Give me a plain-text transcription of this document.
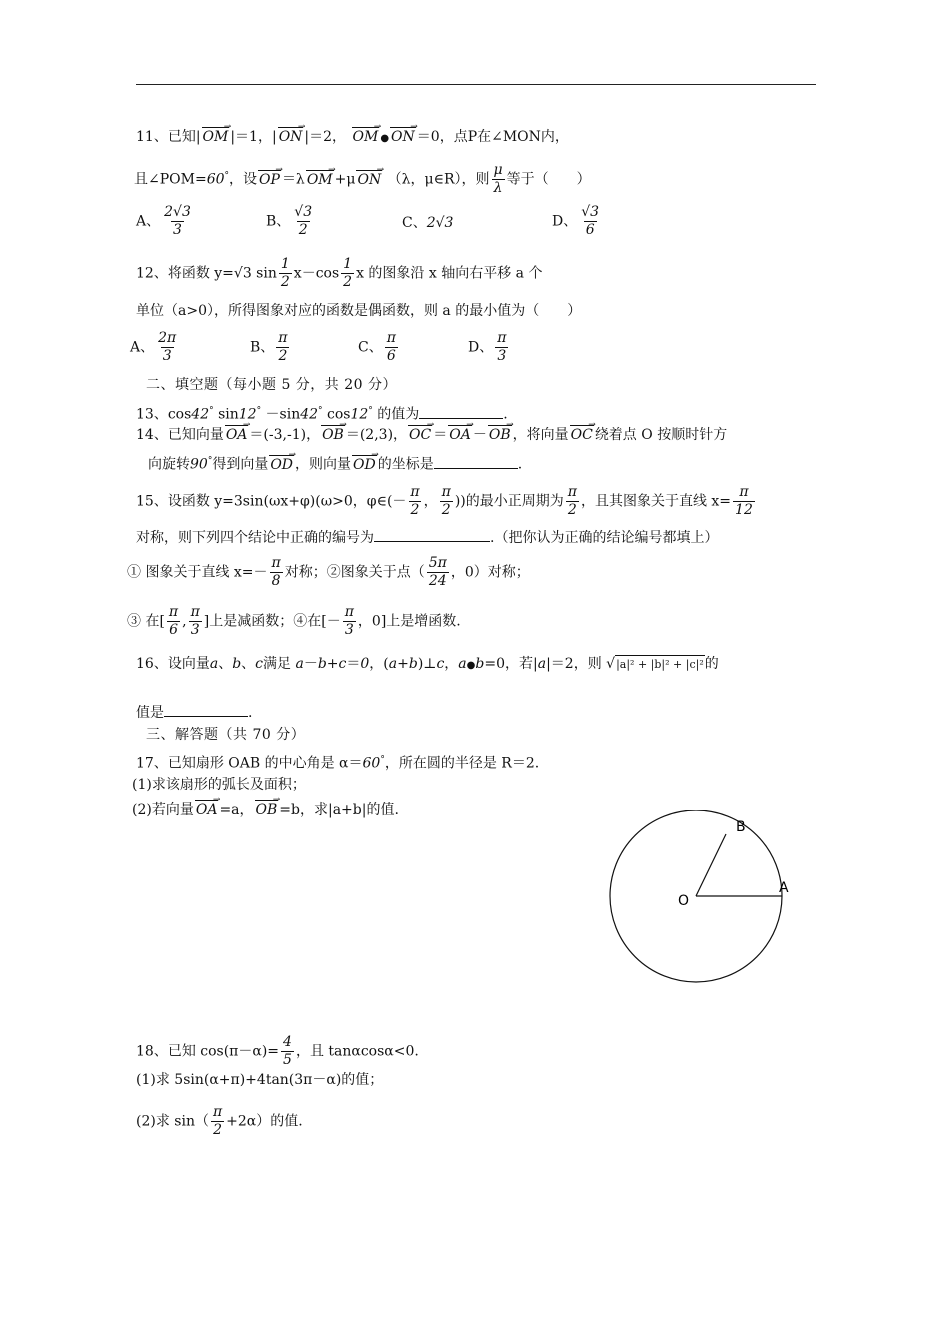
11、已知| OM → |＝1，| ON → |＝2， OM → ● ON → ＝0，点P在∠MON内，
且∠POM=60°，设 OP → ＝λ OM → +μ ON → （λ，μ∈R），则 $\frac{\mu}{\lambda}$ 等于（　　）
A、 $\frac{2√3}{3}$	B、 $\frac{√3}{2}$	C、2√3	D、 $\frac{√3}{6}$
12、将函数 y=√3 $\sin \frac{1}{2} x-\cos \frac{1}{2}$ x 的图象沿 x 轴向右平移 a 个
单位（a>0），所得图象对应的函数是偶函数，则 a 的最小值为（　　）
A、 $\frac{2\pi}{3}$	B、 $\frac{\pi}{2}$	C、 $\frac{\pi}{6}$	D、 $\frac{\pi}{3}$
二、填空题（每小题 5 分，共 20 分）
13、cos42° sin12° －sin42° cos12° 的值为	.
14、已知向量 OA → ＝(-3,-1)， OB → ＝(2,3)， OC → ＝ OA → － OB → ，将向量 OC → 绕着点 O 按顺时针方
向旋转90°得到向量 OD → ，则向量 OD → 的坐标是	.
15、设函数 y=3sin(ωx+φ)(ω>0，φ∈(－ $\frac{\pi}{2}$ ， $\frac{\pi}{2}$ ))的最小正周期为 $\frac{\pi}{2}$ ，且其图象关于直线 $x= \frac{\pi}{12}$
对称，则下列四个结论中正确的编号为	.（把你认为正确的结论编号都填上）
① 图象关于直线 $x=- \frac{\pi}{8}$ 对称；②图象关于点（ $\frac{5\pi}{24}$ ，0）对称；
③ 在[ $\frac{\pi}{6}$ , $\frac{\pi}{3}$ ]上是减函数；④在[－ $\frac{\pi}{3}$ ，0]上是增函数.
16、设向量a、b、c满足 a－b+c＝0，(a+b)⊥c，a●b=0，若|a|＝2，则 √|a|² + |b|² + |c|²的
值是	.
三、解答题（共 70 分）
17、已知扇形 OAB 的中心角是 α＝60°，所在圆的半径是 R＝2.
(1)求该扇形的弧长及面积；
(2)若向量 OA → =a， OB → =b，求|a+b|的值.
O
A
B
18、已知 $\cos(\pi-\alpha)= \frac{4}{5}$ ，且 tanαcosα<0.
(1)求 5sin(α+π)+4tan(3π－α)的值；
(2)求 $\sin( \frac{\pi}{2} +2\alpha)$的值.
